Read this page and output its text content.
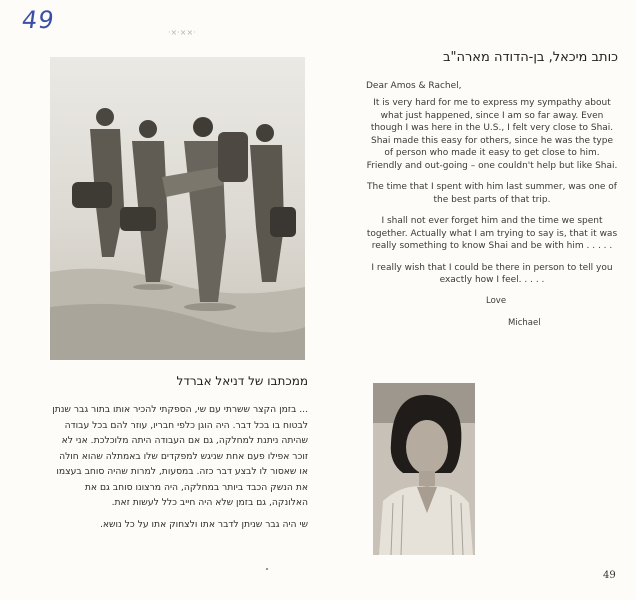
49	·×·××·
כותב מיכאל, בן-הדודה מארה"ב
Dear Amos & Rachel,

It is very hard for me to express my sympathy about what just happened, since I am so far away. Even though I was here in the U.S., I felt very close to Shai. Shai made this easy for others, since he was the type of person who made it easy to get close to him. Friendly and out-going – one couldn't help but like Shai.

The time that I spent with him last summer, was one of the best parts of that trip.

I shall not ever forget him and the time we spent together. Actually what I am trying to say is, that it was really something to know Shai and be with him . . . . .

I really wish that I could be there in person to tell you exactly how I feel. . . . .

Love
Michael
ממכתבו של דניאל אברדל

... בזמן הקצר ששרתי עם שי, הספקתי להכיר אותו בתור גבר שנתן לבטוח בו בכל דבר. היה הוגן כלפי חבריו, עוזר להם בכל עבודה שהיתה ניתנת למחלקה, גם אם העבודה היתה מלוכלכת. אני לא זוכר אפילו פעם אחת שניגש למפקדים שלו באמתלה שהוא חולה או שאסור לו לבצע דבר כזה. במסעות, למרות שהיה סוחב בעצמו את הנשק הכבד ביותר במחלקה, היה מרצונו סוחב גם את האלונקה, גם בזמן שלא היה חייב כלל לעשות זאת.

שי היה גבר שניתן לדבר אתו ולצחוק אתו על כל נושא.

49
